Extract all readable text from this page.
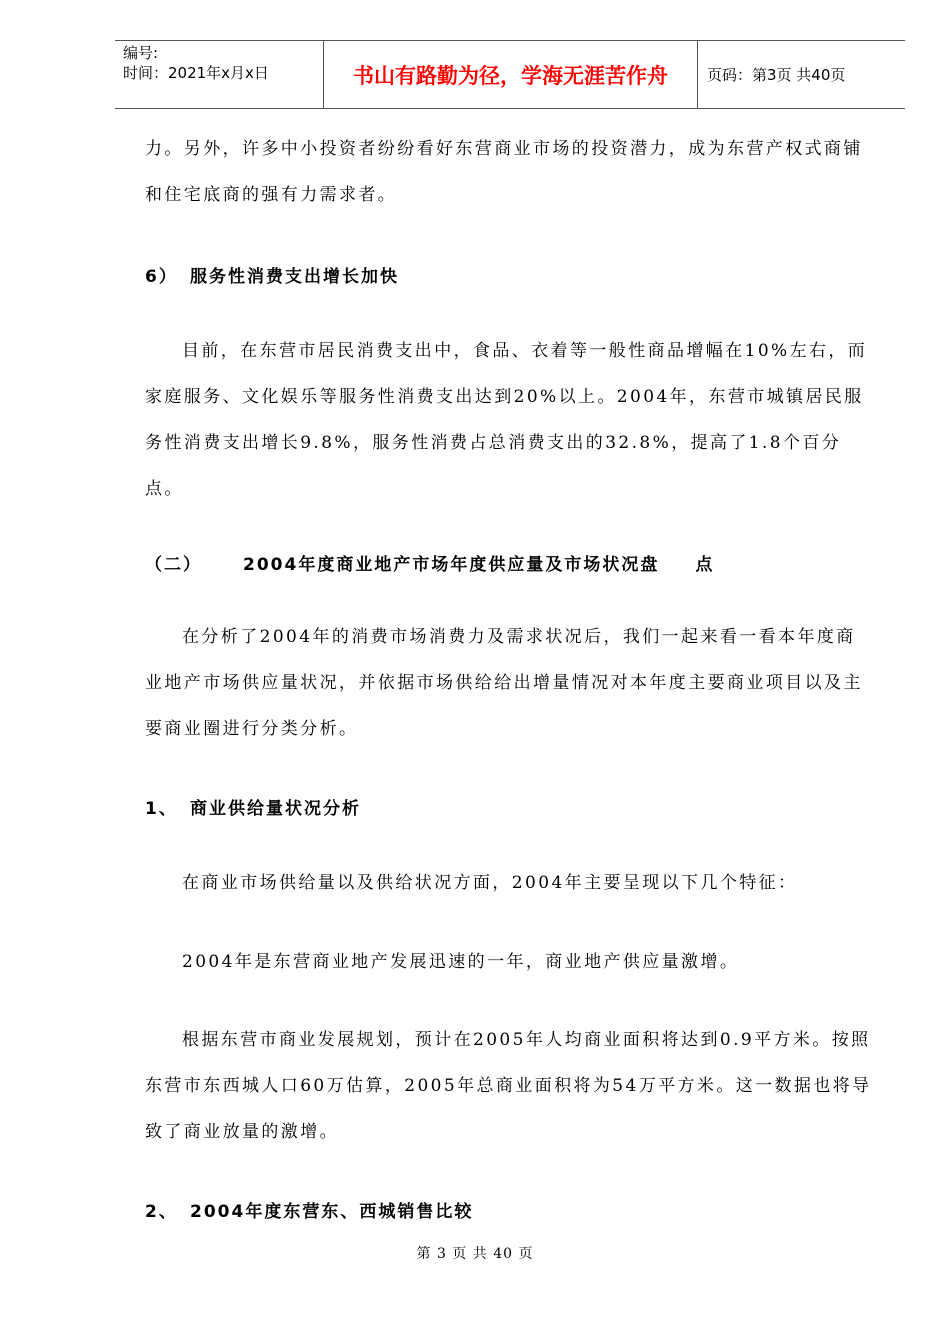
编号:
时间：2021年x月x日	书山有路勤为径，学海无涯苦作舟	页码：第3页 共40页

力。另外，许多中小投资者纷纷看好东营商业市场的投资潜力，成为东营产权式商铺和住宅底商的强有力需求者。

6） 服务性消费支出增长加快

目前，在东营市居民消费支出中，食品、衣着等一般性商品增幅在10%左右，而家庭服务、文化娱乐等服务性消费支出达到20%以上。2004年，东营市城镇居民服务性消费支出增长9.8%，服务性消费占总消费支出的32.8%，提高了1.8个百分点。

（二） 2004年度商业地产市场年度供应量及市场状况盘 点

在分析了2004年的消费市场消费力及需求状况后，我们一起来看一看本年度商业地产市场供应量状况，并依据市场供给给出增量情况对本年度主要商业项目以及主要商业圈进行分类分析。

1、 商业供给量状况分析

在商业市场供给量以及供给状况方面，2004年主要呈现以下几个特征：

2004年是东营商业地产发展迅速的一年，商业地产供应量激增。

根据东营市商业发展规划，预计在2005年人均商业面积将达到0.9平方米。按照东营市东西城人口60万估算，2005年总商业面积将为54万平方米。这一数据也将导致了商业放量的激增。

2、 2004年度东营东、西城销售比较
第 3 页 共 40 页
